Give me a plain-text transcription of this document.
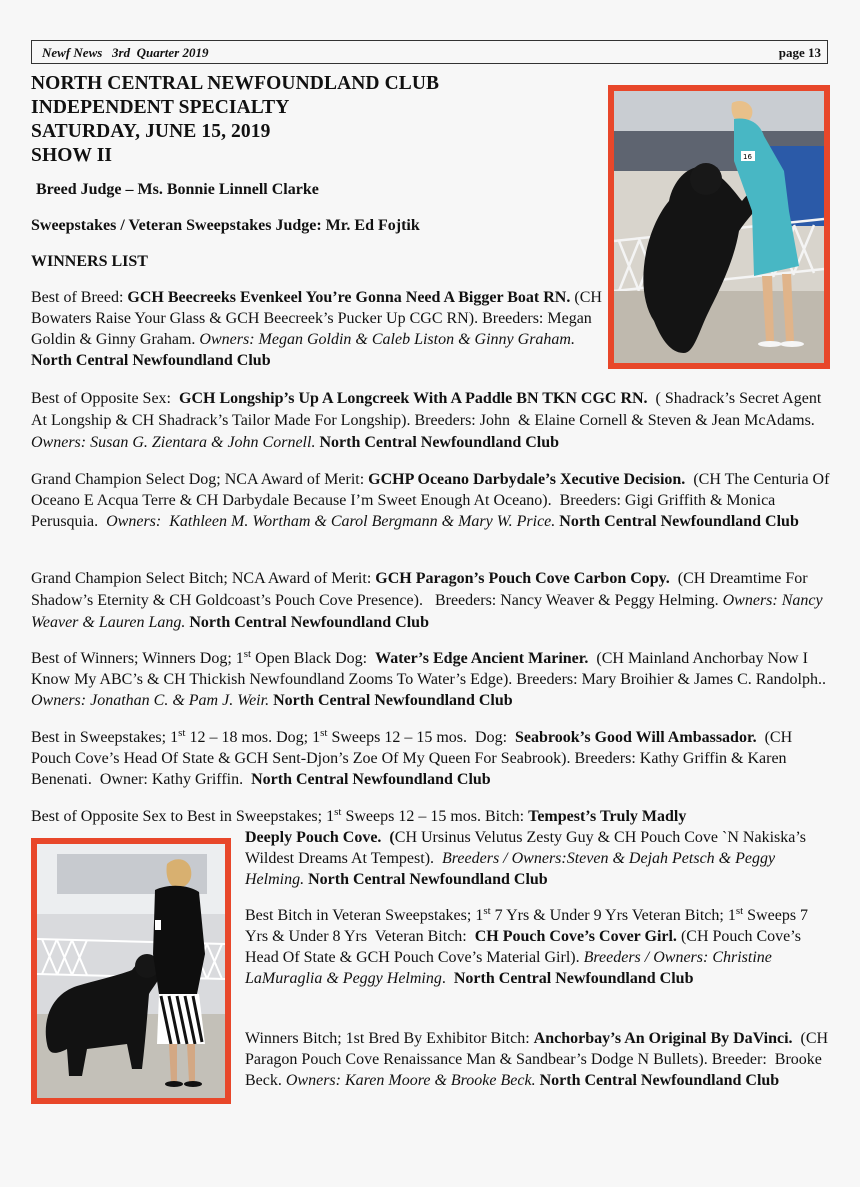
Newf News   3rd  Quarter 2019	page 13
NORTH CENTRAL NEWFOUNDLAND CLUB
INDEPENDENT SPECIALTY
SATURDAY, JUNE 15, 2019
SHOW II
Breed Judge – Ms. Bonnie Linnell Clarke
Sweepstakes / Veteran Sweepstakes Judge: Mr. Ed Fojtik
WINNERS LIST
Best of Breed: GCH Beecreeks Evenkeel You’re Gonna Need A Bigger Boat RN. (CH Bowaters Raise Your Glass & GCH Beecreek’s Pucker Up CGC RN). Breeders: Megan Goldin & Ginny Graham. Owners: Megan Goldin & Caleb Liston & Ginny Graham. North Central Newfoundland Club
Best of Opposite Sex:  GCH Longship’s Up A Longcreek With A Paddle BN TKN CGC RN.  ( Shadrack’s Secret Agent At Longship & CH Shadrack’s Tailor Made For Longship). Breeders: John  & Elaine Cornell & Steven & Jean McAdams.  Owners: Susan G. Zientara & John Cornell. North Central Newfoundland Club
Grand Champion Select Dog; NCA Award of Merit: GCHP Oceano Darbydale’s Xecutive Decision.  (CH The Centuria Of Oceano E Acqua Terre & CH Darbydale Because I’m Sweet Enough At Oceano).  Breeders: Gigi Griffith & Monica Perusquia.  Owners:  Kathleen M. Wortham & Carol Bergmann & Mary W. Price. North Central Newfoundland Club
Grand Champion Select Bitch; NCA Award of Merit: GCH Paragon’s Pouch Cove Carbon Copy.  (CH Dreamtime For Shadow’s Eternity & CH Goldcoast’s Pouch Cove Presence).   Breeders: Nancy Weaver & Peggy Helming. Owners: Nancy Weaver & Lauren Lang. North Central Newfoundland Club
Best of Winners; Winners Dog; 1st Open Black Dog:  Water’s Edge Ancient Mariner.  (CH Mainland Anchorbay Now I Know My ABC’s & CH Thickish Newfoundland Zooms To Water’s Edge). Breeders: Mary Broihier & James C. Randolph.. Owners: Jonathan C. & Pam J. Weir. North Central Newfoundland Club
Best in Sweepstakes; 1st 12 – 18 mos. Dog; 1st Sweeps 12 – 15 mos.  Dog:  Seabrook’s Good Will Ambassador.  (CH Pouch Cove’s Head Of State & GCH Sent-Djon’s Zoe Of My Queen For Seabrook). Breeders: Kathy Griffin & Karen Benenati.  Owner: Kathy Griffin.  North Central Newfoundland Club
Best of Opposite Sex to Best in Sweepstakes; 1st Sweeps 12 – 15 mos. Bitch: Tempest’s Truly Madly
Deeply Pouch Cove.  (CH Ursinus Velutus Zesty Guy & CH Pouch Cove `N Nakiska’s Wildest Dreams At Tempest).  Breeders / Owners:Steven & Dejah Petsch & Peggy Helming. North Central Newfoundland Club
Best Bitch in Veteran Sweepstakes; 1st 7 Yrs & Under 9 Yrs Veteran Bitch; 1st Sweeps 7 Yrs & Under 8 Yrs  Veteran Bitch:  CH Pouch Cove’s Cover Girl. (CH Pouch Cove’s Head Of State & GCH Pouch Cove’s Material Girl). Breeders / Owners: Christine LaMuraglia & Peggy Helming.  North Central Newfoundland Club
Winners Bitch; 1st Bred By Exhibitor Bitch: Anchorbay’s An Original By DaVinci.  (CH Paragon Pouch Cove Renaissance Man & Sandbear’s Dodge N Bullets). Breeder:  Brooke Beck. Owners: Karen Moore & Brooke Beck. North Central Newfoundland Club
16
